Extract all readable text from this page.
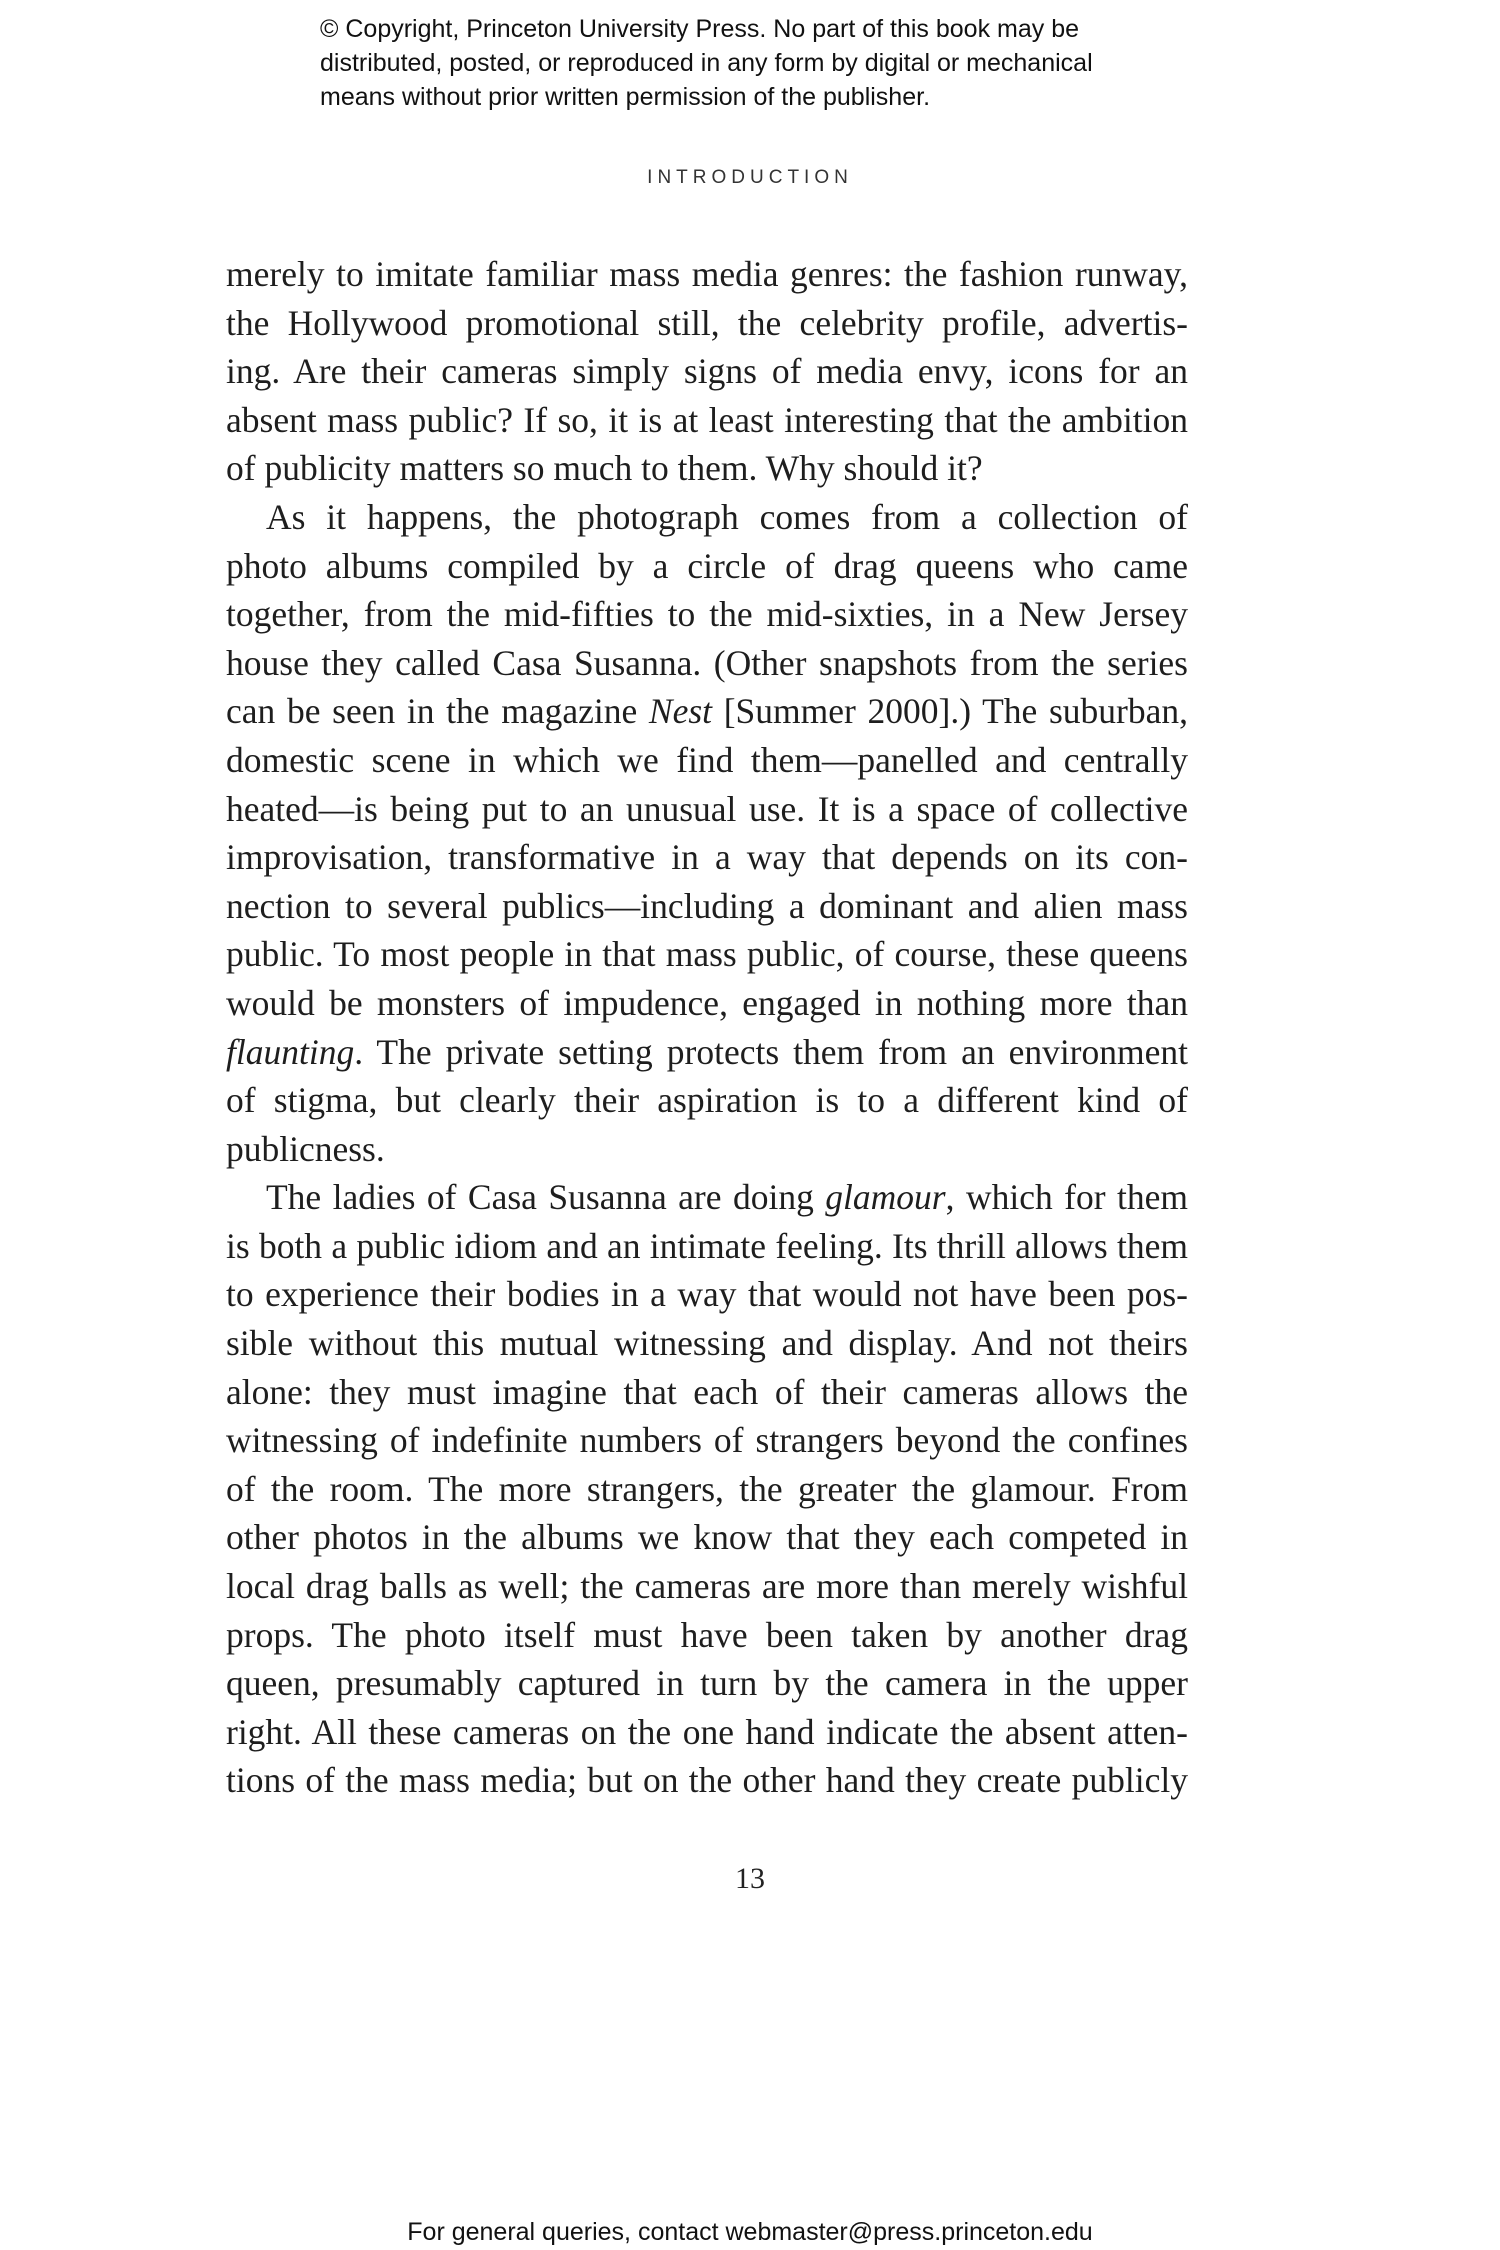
© Copyright, Princeton University Press. No part of this book may be
distributed, posted, or reproduced in any form by digital or mechanical
means without prior written permission of the publisher.
INTRODUCTION
merely to imitate familiar mass media genres: the fashion runway,
the Hollywood promotional still, the celebrity profile, advertis-
ing. Are their cameras simply signs of media envy, icons for an
absent mass public? If so, it is at least interesting that the ambition
of publicity matters so much to them. Why should it?
As it happens, the photograph comes from a collection of
photo albums compiled by a circle of drag queens who came
together, from the mid-fifties to the mid-sixties, in a New Jersey
house they called Casa Susanna. (Other snapshots from the series
can be seen in the magazine Nest [Summer 2000].) The suburban,
domestic scene in which we find them—panelled and centrally
heated—is being put to an unusual use. It is a space of collective
improvisation, transformative in a way that depends on its con-
nection to several publics—including a dominant and alien mass
public. To most people in that mass public, of course, these queens
would be monsters of impudence, engaged in nothing more than
flaunting. The private setting protects them from an environment
of stigma, but clearly their aspiration is to a different kind of
publicness.
The ladies of Casa Susanna are doing glamour, which for them
is both a public idiom and an intimate feeling. Its thrill allows them
to experience their bodies in a way that would not have been pos-
sible without this mutual witnessing and display. And not theirs
alone: they must imagine that each of their cameras allows the
witnessing of indefinite numbers of strangers beyond the confines
of the room. The more strangers, the greater the glamour. From
other photos in the albums we know that they each competed in
local drag balls as well; the cameras are more than merely wishful
props. The photo itself must have been taken by another drag
queen, presumably captured in turn by the camera in the upper
right. All these cameras on the one hand indicate the absent atten-
tions of the mass media; but on the other hand they create publicly
13
For general queries, contact webmaster@press.princeton.edu
